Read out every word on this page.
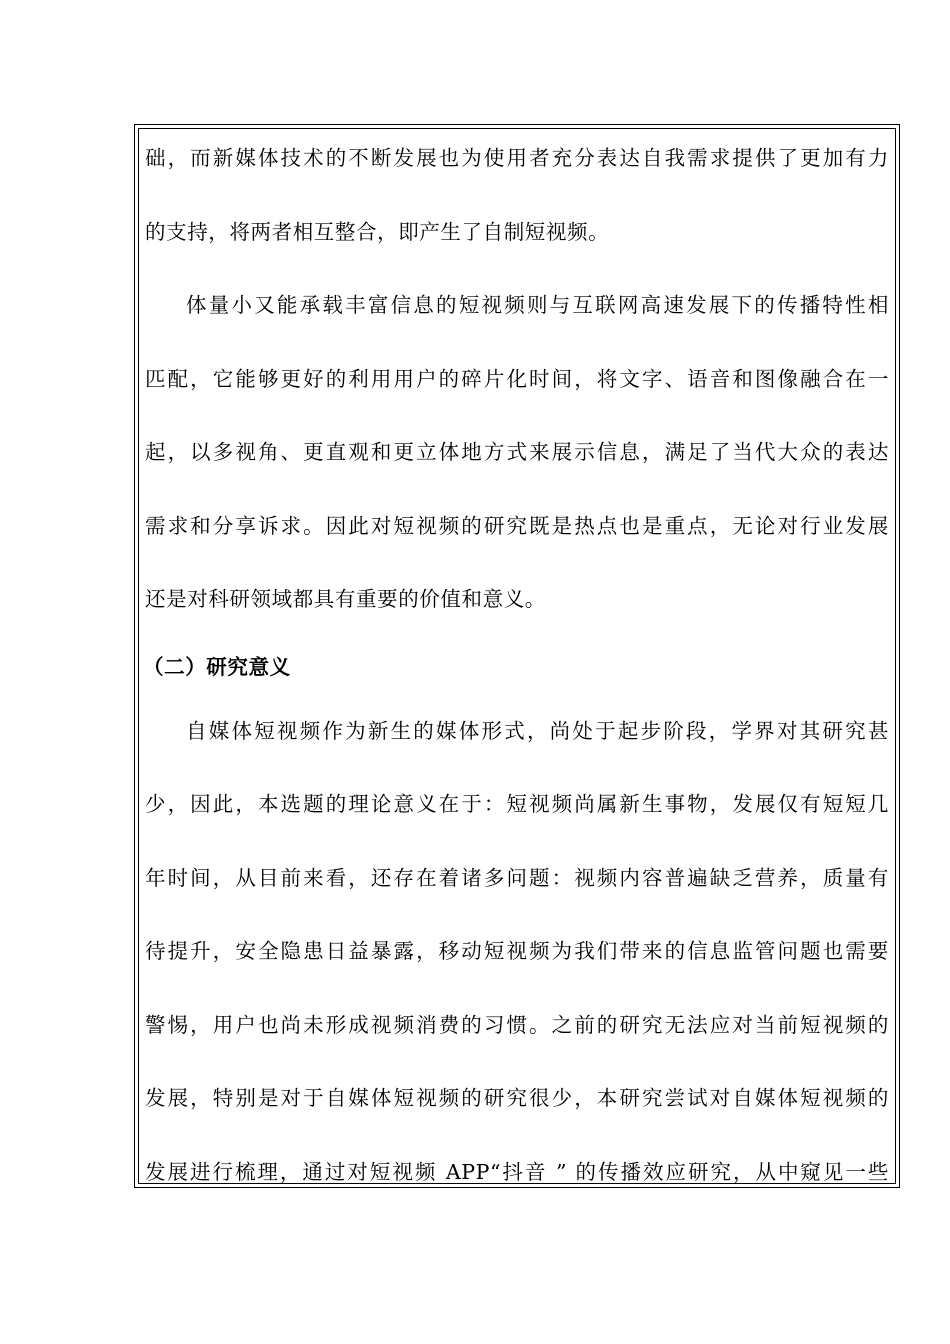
础，而新媒体技术的不断发展也为使用者充分表达自我需求提供了更加有力
的支持，将两者相互整合，即产生了自制短视频。
体量小又能承载丰富信息的短视频则与互联网高速发展下的传播特性相
匹配，它能够更好的利用用户的碎片化时间，将文字、语音和图像融合在一
起，以多视角、更直观和更立体地方式来展示信息，满足了当代大众的表达
需求和分享诉求。因此对短视频的研究既是热点也是重点，无论对行业发展
还是对科研领域都具有重要的价值和意义。
（二）研究意义
自媒体短视频作为新生的媒体形式，尚处于起步阶段，学界对其研究甚
少，因此，本选题的理论意义在于：短视频尚属新生事物，发展仅有短短几
年时间，从目前来看，还存在着诸多问题：视频内容普遍缺乏营养，质量有
待提升，安全隐患日益暴露，移动短视频为我们带来的信息监管问题也需要
警惕，用户也尚未形成视频消费的习惯。之前的研究无法应对当前短视频的
发展，特别是对于自媒体短视频的研究很少，本研究尝试对自媒体短视频的
发展进行梳理，通过对短视频 APP“抖音 ” 的传播效应研究，从中窥见一些
